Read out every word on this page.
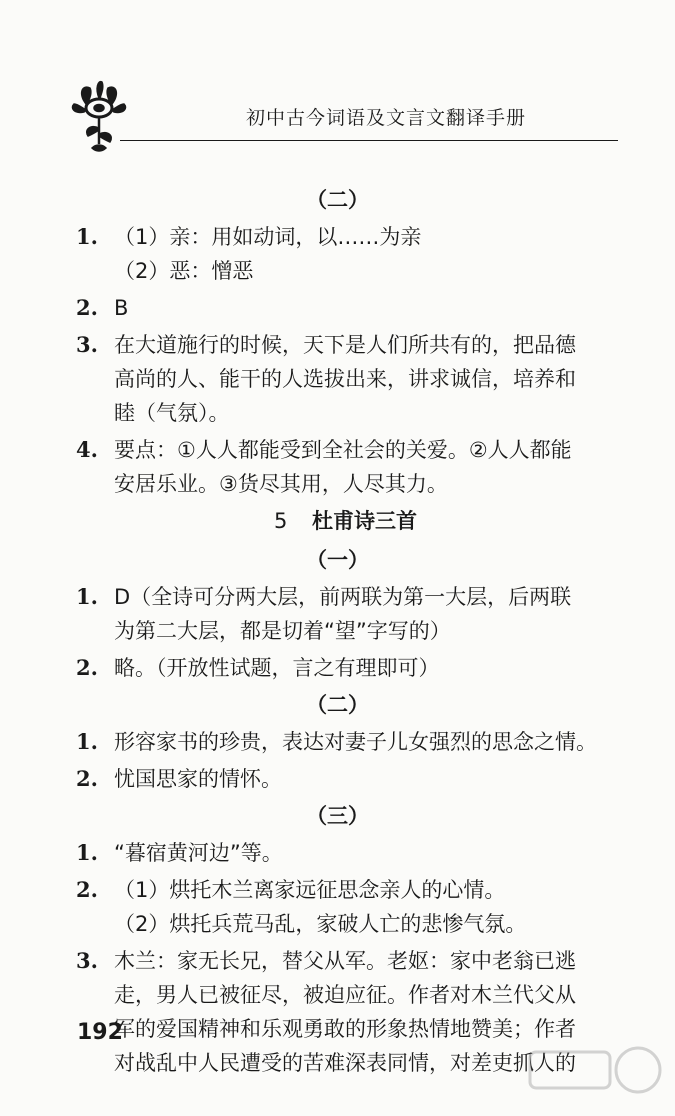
初中古今词语及文言文翻译手册
（二）
1. （1）亲：用如动词，以……为亲
（2）恶：憎恶
2. B
3. 在大道施行的时候，天下是人们所共有的，把品德
高尚的人、能干的人选拔出来，讲求诚信，培养和
睦（气氛）。
4. 要点：①人人都能受到全社会的关爱。②人人都能
安居乐业。③货尽其用，人尽其力。
5 杜甫诗三首
（一）
1. D（全诗可分两大层，前两联为第一大层，后两联
为第二大层，都是切着“望”字写的）
2. 略。（开放性试题，言之有理即可）
（二）
1. 形容家书的珍贵，表达对妻子儿女强烈的思念之情。
2. 忧国思家的情怀。
（三）
1. “暮宿黄河边”等。
2. （1）烘托木兰离家远征思念亲人的心情。
（2）烘托兵荒马乱，家破人亡的悲惨气氛。
3. 木兰：家无长兄，替父从军。老妪：家中老翁已逃
走，男人已被征尽，被迫应征。作者对木兰代父从
军的爱国精神和乐观勇敢的形象热情地赞美；作者
对战乱中人民遭受的苦难深表同情，对差吏抓人的
192
